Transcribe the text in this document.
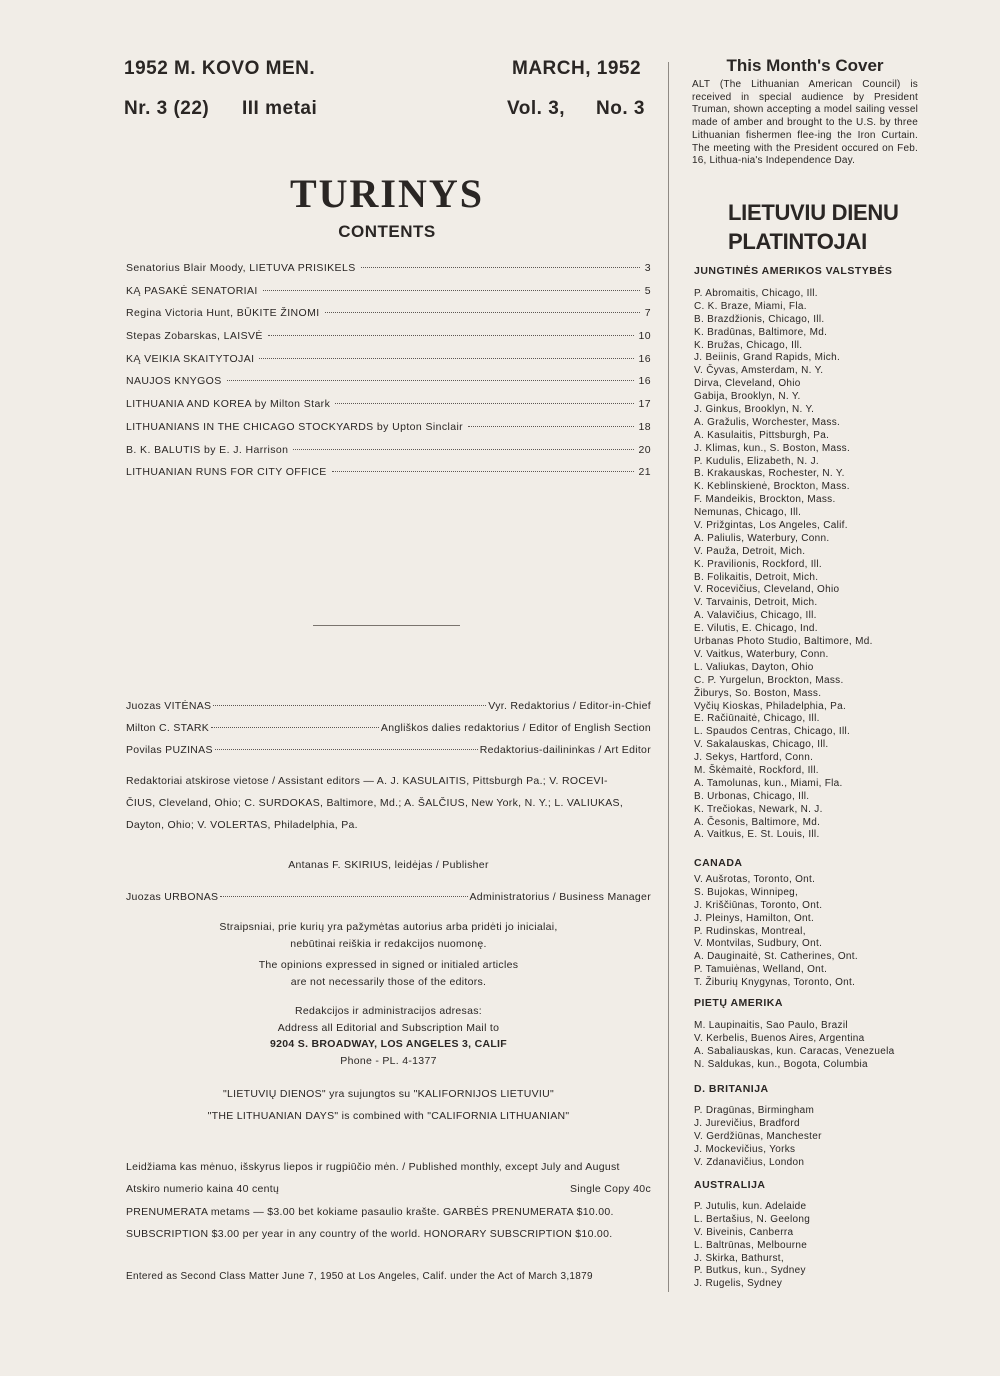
1952 M. KOVO MEN.	MARCH, 1952
Nr. 3 (22) III metai	Vol. 3, No. 3
TURINYS
CONTENTS
Senatorius Blair Moody, LIETUVA PRISIKELS	3
KĄ PASAKĖ SENATORIAI	5
Regina Victoria Hunt, BŪKITE ŽINOMI	7
Stepas Zobarskas, LAISVĖ	10
KĄ VEIKIA SKAITYTOJAI	16
NAUJOS KNYGOS	16
LITHUANIA AND KOREA by Milton Stark	17
LITHUANIANS IN THE CHICAGO STOCKYARDS by Upton Sinclair	18
B. K. BALUTIS by E. J. Harrison	20
LITHUANIAN RUNS FOR CITY OFFICE	21
Juozas VITĖNAS	Vyr. Redaktorius / Editor-in-Chief
Milton C. STARK	Angliškos dalies redaktorius / Editor of English Section
Povilas PUZINAS	Redaktorius-dailininkas / Art Editor
Redaktoriai atskirose vietose / Assistant editors — A. J. KASULAITIS, Pittsburgh Pa.; V. ROCEVI-
ČIUS, Cleveland, Ohio; C. SURDOKAS, Baltimore, Md.; A. ŠALČIUS, New York, N. Y.; L. VALIUKAS,
Dayton, Ohio; V. VOLERTAS, Philadelphia, Pa.
Antanas F. SKIRIUS, leidėjas / Publisher
Juozas URBONAS	Administratorius / Business Manager
Straipsniai, prie kurių yra pažymėtas autorius arba pridėti jo inicialai,
nebūtinai reiškia ir redakcijos nuomonę.
The opinions expressed in signed or initialed articles
are not necessarily those of the editors.
Redakcijos ir administracijos adresas:
Address all Editorial and Subscription Mail to
9204 S. BROADWAY, LOS ANGELES 3, CALIF
Phone - PL. 4-1377
"LIETUVIŲ DIENOS" yra sujungtos su "KALIFORNIJOS LIETUVIU"
"THE LITHUANIAN DAYS" is combined with "CALIFORNIA LITHUANIAN"
Leidžiama kas mėnuo, išskyrus liepos ir rugpiūčio mėn. / Published monthly, except July and August
Atskiro numerio kaina 40 centų	Single Copy 40c
PRENUMERATA metams — $3.00 bet kokiame pasaulio krašte. GARBĖS PRENUMERATA $10.00.
SUBSCRIPTION $3.00 per year in any country of the world. HONORARY SUBSCRIPTION $10.00.
Entered as Second Class Matter June 7, 1950 at Los Angeles, Calif. under the Act of March 3,1879
This Month's Cover
ALT (The Lithuanian American Council) is received in special audience by President Truman, shown accepting a model sailing vessel made of amber and brought to the U.S. by three Lithuanian fishermen flee-ing the Iron Curtain. The meeting with the President occured on Feb. 16, Lithua-nia's Independence Day.
LIETUVIU DIENU
PLATINTOJAI
JUNGTINĖS AMERIKOS VALSTYBĖS
P. Abromaitis, Chicago, Ill.
C. K. Braze, Miami, Fla.
B. Brazdžionis, Chicago, Ill.
K. Bradūnas, Baltimore, Md.
K. Bružas, Chicago, Ill.
J. Beiinis, Grand Rapids, Mich.
V. Čyvas, Amsterdam, N. Y.
Dirva, Cleveland, Ohio
Gabija, Brooklyn, N. Y.
J. Ginkus, Brooklyn, N. Y.
A. Gražulis, Worchester, Mass.
A. Kasulaitis, Pittsburgh, Pa.
J. Klimas, kun., S. Boston, Mass.
P. Kudulis, Elizabeth, N. J.
B. Krakauskas, Rochester, N. Y.
K. Keblinskienė, Brockton, Mass.
F. Mandeikis, Brockton, Mass.
Nemunas, Chicago, Ill.
V. Prižgintas, Los Angeles, Calif.
A. Paliulis, Waterbury, Conn.
V. Pauža, Detroit, Mich.
K. Pravilionis, Rockford, Ill.
B. Folikaitis, Detroit, Mich.
V. Rocevičius, Cleveland, Ohio
V. Tarvainis, Detroit, Mich.
A. Valavičius, Chicago, Ill.
E. Vilutis, E. Chicago, Ind.
Urbanas Photo Studio, Baltimore, Md.
V. Vaitkus, Waterbury, Conn.
L. Valiukas, Dayton, Ohio
C. P. Yurgelun, Brockton, Mass.
Žiburys, So. Boston, Mass.
Vyčių Kioskas, Philadelphia, Pa.
E. Račiūnaitė, Chicago, Ill.
L. Spaudos Centras, Chicago, Ill.
V. Sakalauskas, Chicago, Ill.
J. Sekys, Hartford, Conn.
M. Škėmaitė, Rockford, Ill.
A. Tamolunas, kun., Miami, Fla.
B. Urbonas, Chicago, Ill.
K. Trečiokas, Newark, N. J.
A. Česonis, Baltimore, Md.
A. Vaitkus, E. St. Louis, Ill.
CANADA
V. Aušrotas, Toronto, Ont.
S. Bujokas, Winnipeg,
J. Kriščiūnas, Toronto, Ont.
J. Pleinys, Hamilton, Ont.
P. Rudinskas, Montreal,
V. Montvilas, Sudbury, Ont.
A. Dauginaitė, St. Catherines, Ont.
P. Tamuiėnas, Welland, Ont.
T. Žiburių Knygynas, Toronto, Ont.
PIETŲ AMERIKA
M. Laupinaitis, Sao Paulo, Brazil
V. Kerbelis, Buenos Aires, Argentina
A. Sabaliauskas, kun. Caracas, Venezuela
N. Saldukas, kun., Bogota, Columbia
D. BRITANIJA
P. Dragūnas, Birmingham
J. Jurevičius, Bradford
V. Gerdžiūnas, Manchester
J. Mockevičius, Yorks
V. Zdanavičius, London
AUSTRALIJA
P. Jutulis, kun. Adelaide
L. Bertašius, N. Geelong
V. Biveinis, Canberra
L. Baltrūnas, Melbourne
J. Skirka, Bathurst,
P. Butkus, kun., Sydney
J. Rugelis, Sydney
